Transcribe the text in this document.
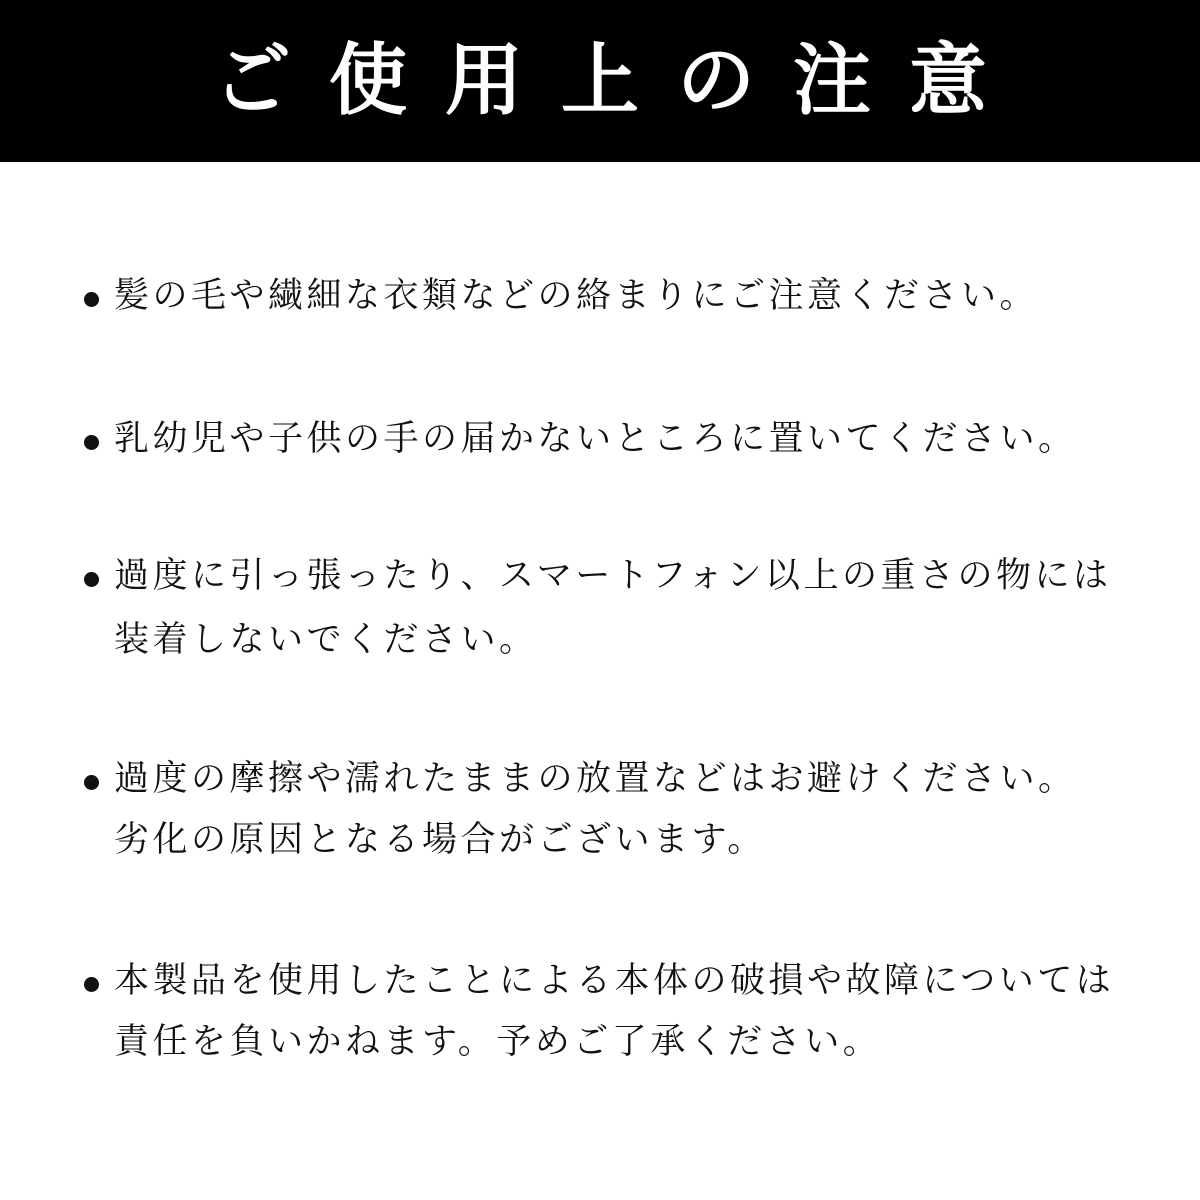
ご使用上の注意
髪の毛や繊細な衣類などの絡まりにご注意ください。
乳幼児や子供の手の届かないところに置いてください。
過度に引っ張ったり、スマートフォン以上の重さの物には
装着しないでください。
過度の摩擦や濡れたままの放置などはお避けください。
劣化の原因となる場合がございます。
本製品を使用したことによる本体の破損や故障については
責任を負いかねます。予めご了承ください。
